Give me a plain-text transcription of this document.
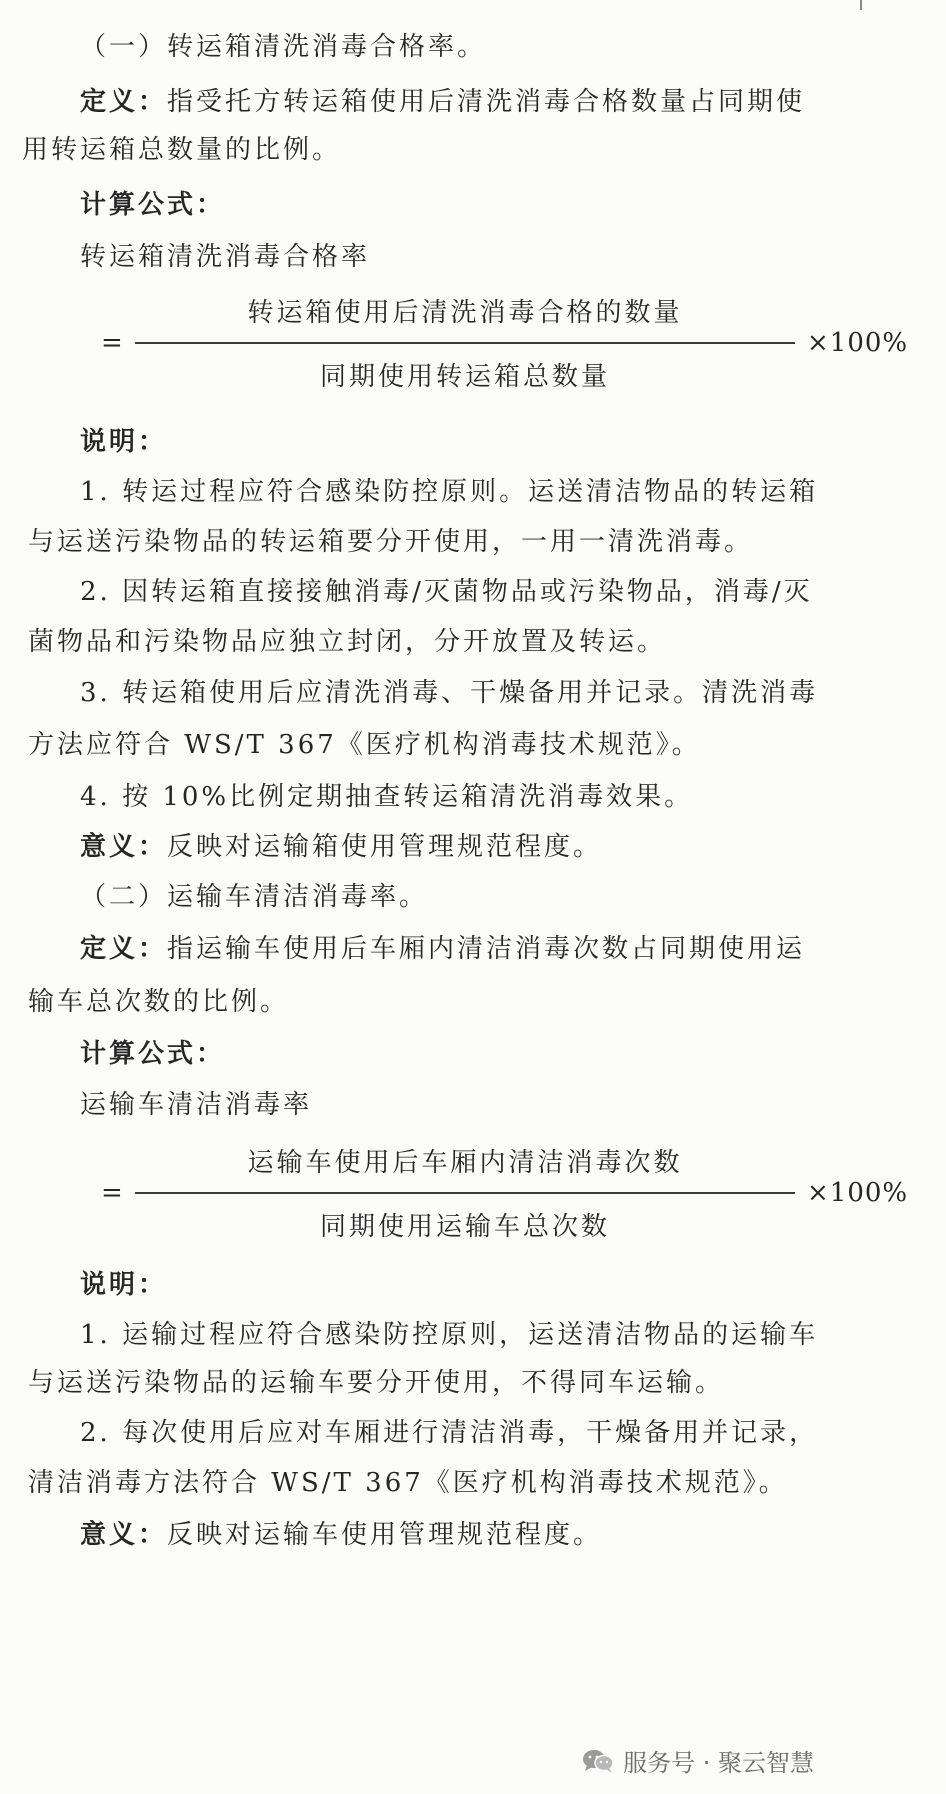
（一）转运箱清洗消毒合格率。
定义：指受托方转运箱使用后清洗消毒合格数量占同期使
用转运箱总数量的比例。
计算公式：
转运箱清洗消毒合格率
=
转运箱使用后清洗消毒合格的数量
同期使用转运箱总数量
×100%
说明：
1. 转运过程应符合感染防控原则。运送清洁物品的转运箱
与运送污染物品的转运箱要分开使用，一用一清洗消毒。
2. 因转运箱直接接触消毒/灭菌物品或污染物品，消毒/灭
菌物品和污染物品应独立封闭，分开放置及转运。
3. 转运箱使用后应清洗消毒、干燥备用并记录。清洗消毒
方法应符合 WS/T 367《医疗机构消毒技术规范》。
4. 按 10%比例定期抽查转运箱清洗消毒效果。
意义：反映对运输箱使用管理规范程度。
（二）运输车清洁消毒率。
定义：指运输车使用后车厢内清洁消毒次数占同期使用运
输车总次数的比例。
计算公式：
运输车清洁消毒率
=
运输车使用后车厢内清洁消毒次数
同期使用运输车总次数
×100%
说明：
1. 运输过程应符合感染防控原则，运送清洁物品的运输车
与运送污染物品的运输车要分开使用，不得同车运输。
2. 每次使用后应对车厢进行清洁消毒，干燥备用并记录，
清洁消毒方法符合 WS/T 367《医疗机构消毒技术规范》。
意义：反映对运输车使用管理规范程度。
服务号 · 聚云智慧
